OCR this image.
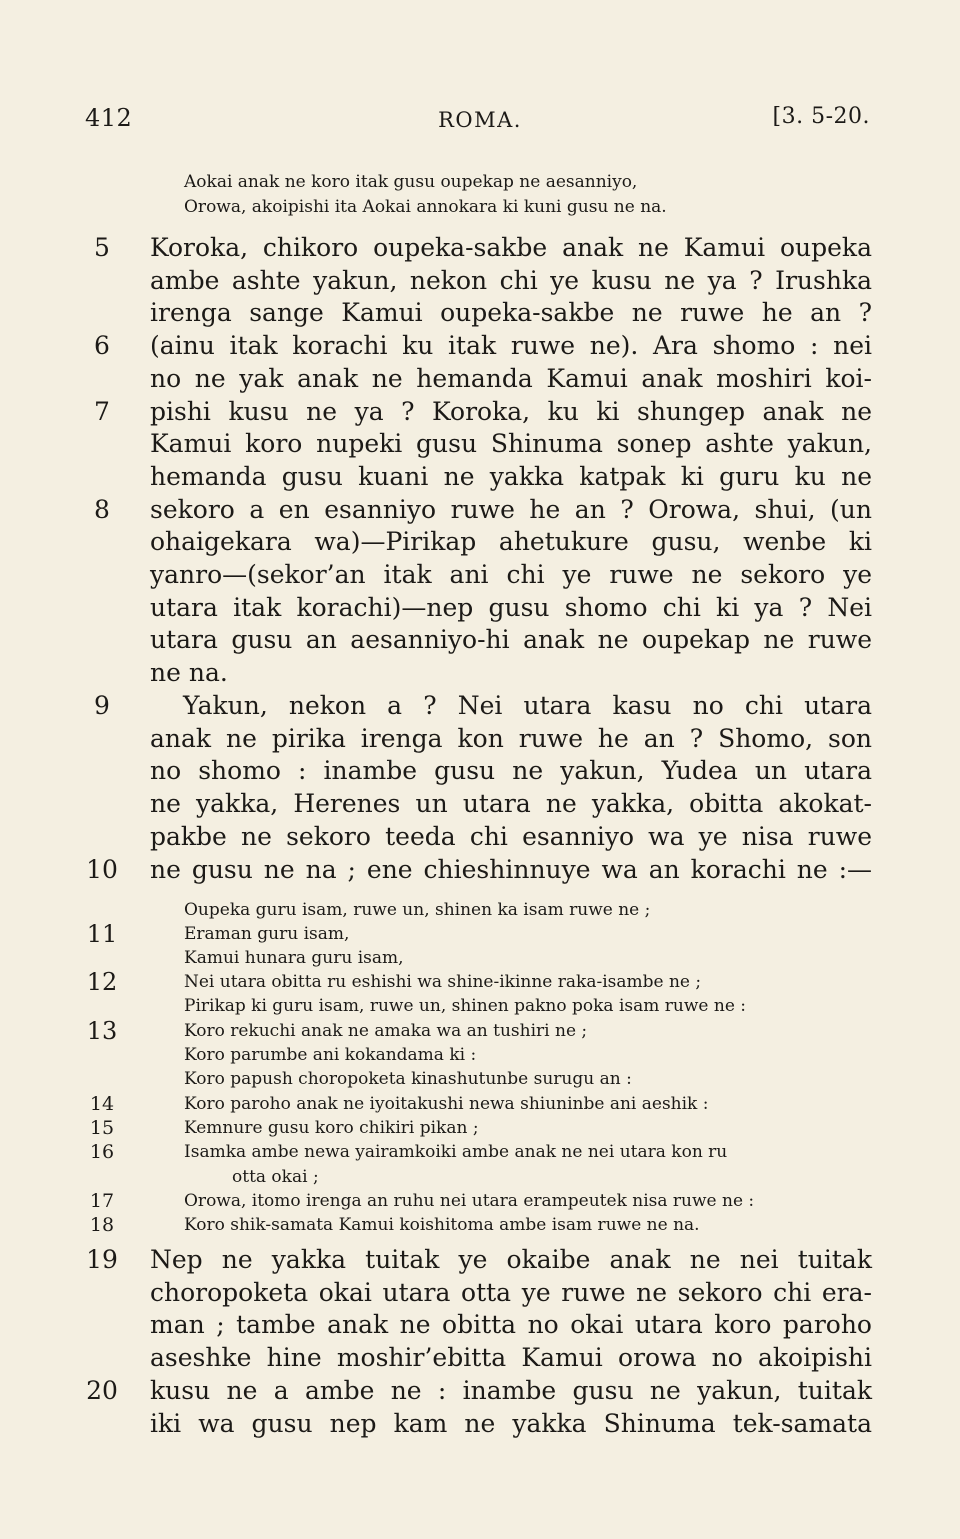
412	ROMA.	[3. 5-20.
Aokai anak ne koro itak gusu oupekap ne aesanniyo,
Orowa, akoipishi ita Aokai annokara ki kuni gusu ne na.
5	Koroka, chikoro oupeka-sakbe anak ne Kamui oupeka
ambe ashte yakun, nekon chi ye kusu ne ya ? Irushka
irenga sange Kamui oupeka-sakbe ne ruwe he an ?
6	(ainu itak korachi ku itak ruwe ne). Ara shomo : nei
no ne yak anak ne hemanda Kamui anak moshiri koi-
7	pishi kusu ne ya ? Koroka, ku ki shungep anak ne
Kamui koro nupeki gusu Shinuma sonep ashte yakun,
hemanda gusu kuani ne yakka katpak ki guru ku ne
8	sekoro a en esanniyo ruwe he an ? Orowa, shui, (un
ohaigekara wa)—Pirikap ahetukure gusu, wenbe ki
yanro—(sekor’an itak ani chi ye ruwe ne sekoro ye
utara itak korachi)—nep gusu shomo chi ki ya ? Nei
utara gusu an aesanniyo-hi anak ne oupekap ne ruwe
ne na.
9	Yakun, nekon a ? Nei utara kasu no chi utara
anak ne pirika irenga kon ruwe he an ? Shomo, son
no shomo : inambe gusu ne yakun, Yudea un utara
ne yakka, Herenes un utara ne yakka, obitta akokat-
pakbe ne sekoro teeda chi esanniyo wa ye nisa ruwe
10 ne gusu ne na ; ene chieshinnuye wa an korachi ne :—
Oupeka guru isam, ruwe un, shinen ka isam ruwe ne ;
11	Eraman guru isam,
Kamui hunara guru isam,
12	Nei utara obitta ru eshishi wa shine-ikinne raka-isambe ne ;
Pirikap ki guru isam, ruwe un, shinen pakno poka isam ruwe ne :
13	Koro rekuchi anak ne amaka wa an tushiri ne ;
Koro parumbe ani kokandama ki :
Koro papush choropoketa kinashutunbe surugu an :
14	Koro paroho anak ne iyoitakushi newa shiuninbe ani aeshik :
15	Kemnure gusu koro chikiri pikan ;
16	Isamka ambe newa yairamkoiki ambe anak ne nei utara kon ru
otta okai ;
17	Orowa, itomo irenga an ruhu nei utara erampeutek nisa ruwe ne :
18	Koro shik-samata Kamui koishitoma ambe isam ruwe ne na.
19 Nep ne yakka tuitak ye okaibe anak ne nei tuitak
choropoketa okai utara otta ye ruwe ne sekoro chi era-
man ; tambe anak ne obitta no okai utara koro paroho
aseshke hine moshir’ebitta Kamui orowa no akoipishi
20 kusu ne a ambe ne : inambe gusu ne yakun, tuitak
iki wa gusu nep kam ne yakka Shinuma tek-samata
